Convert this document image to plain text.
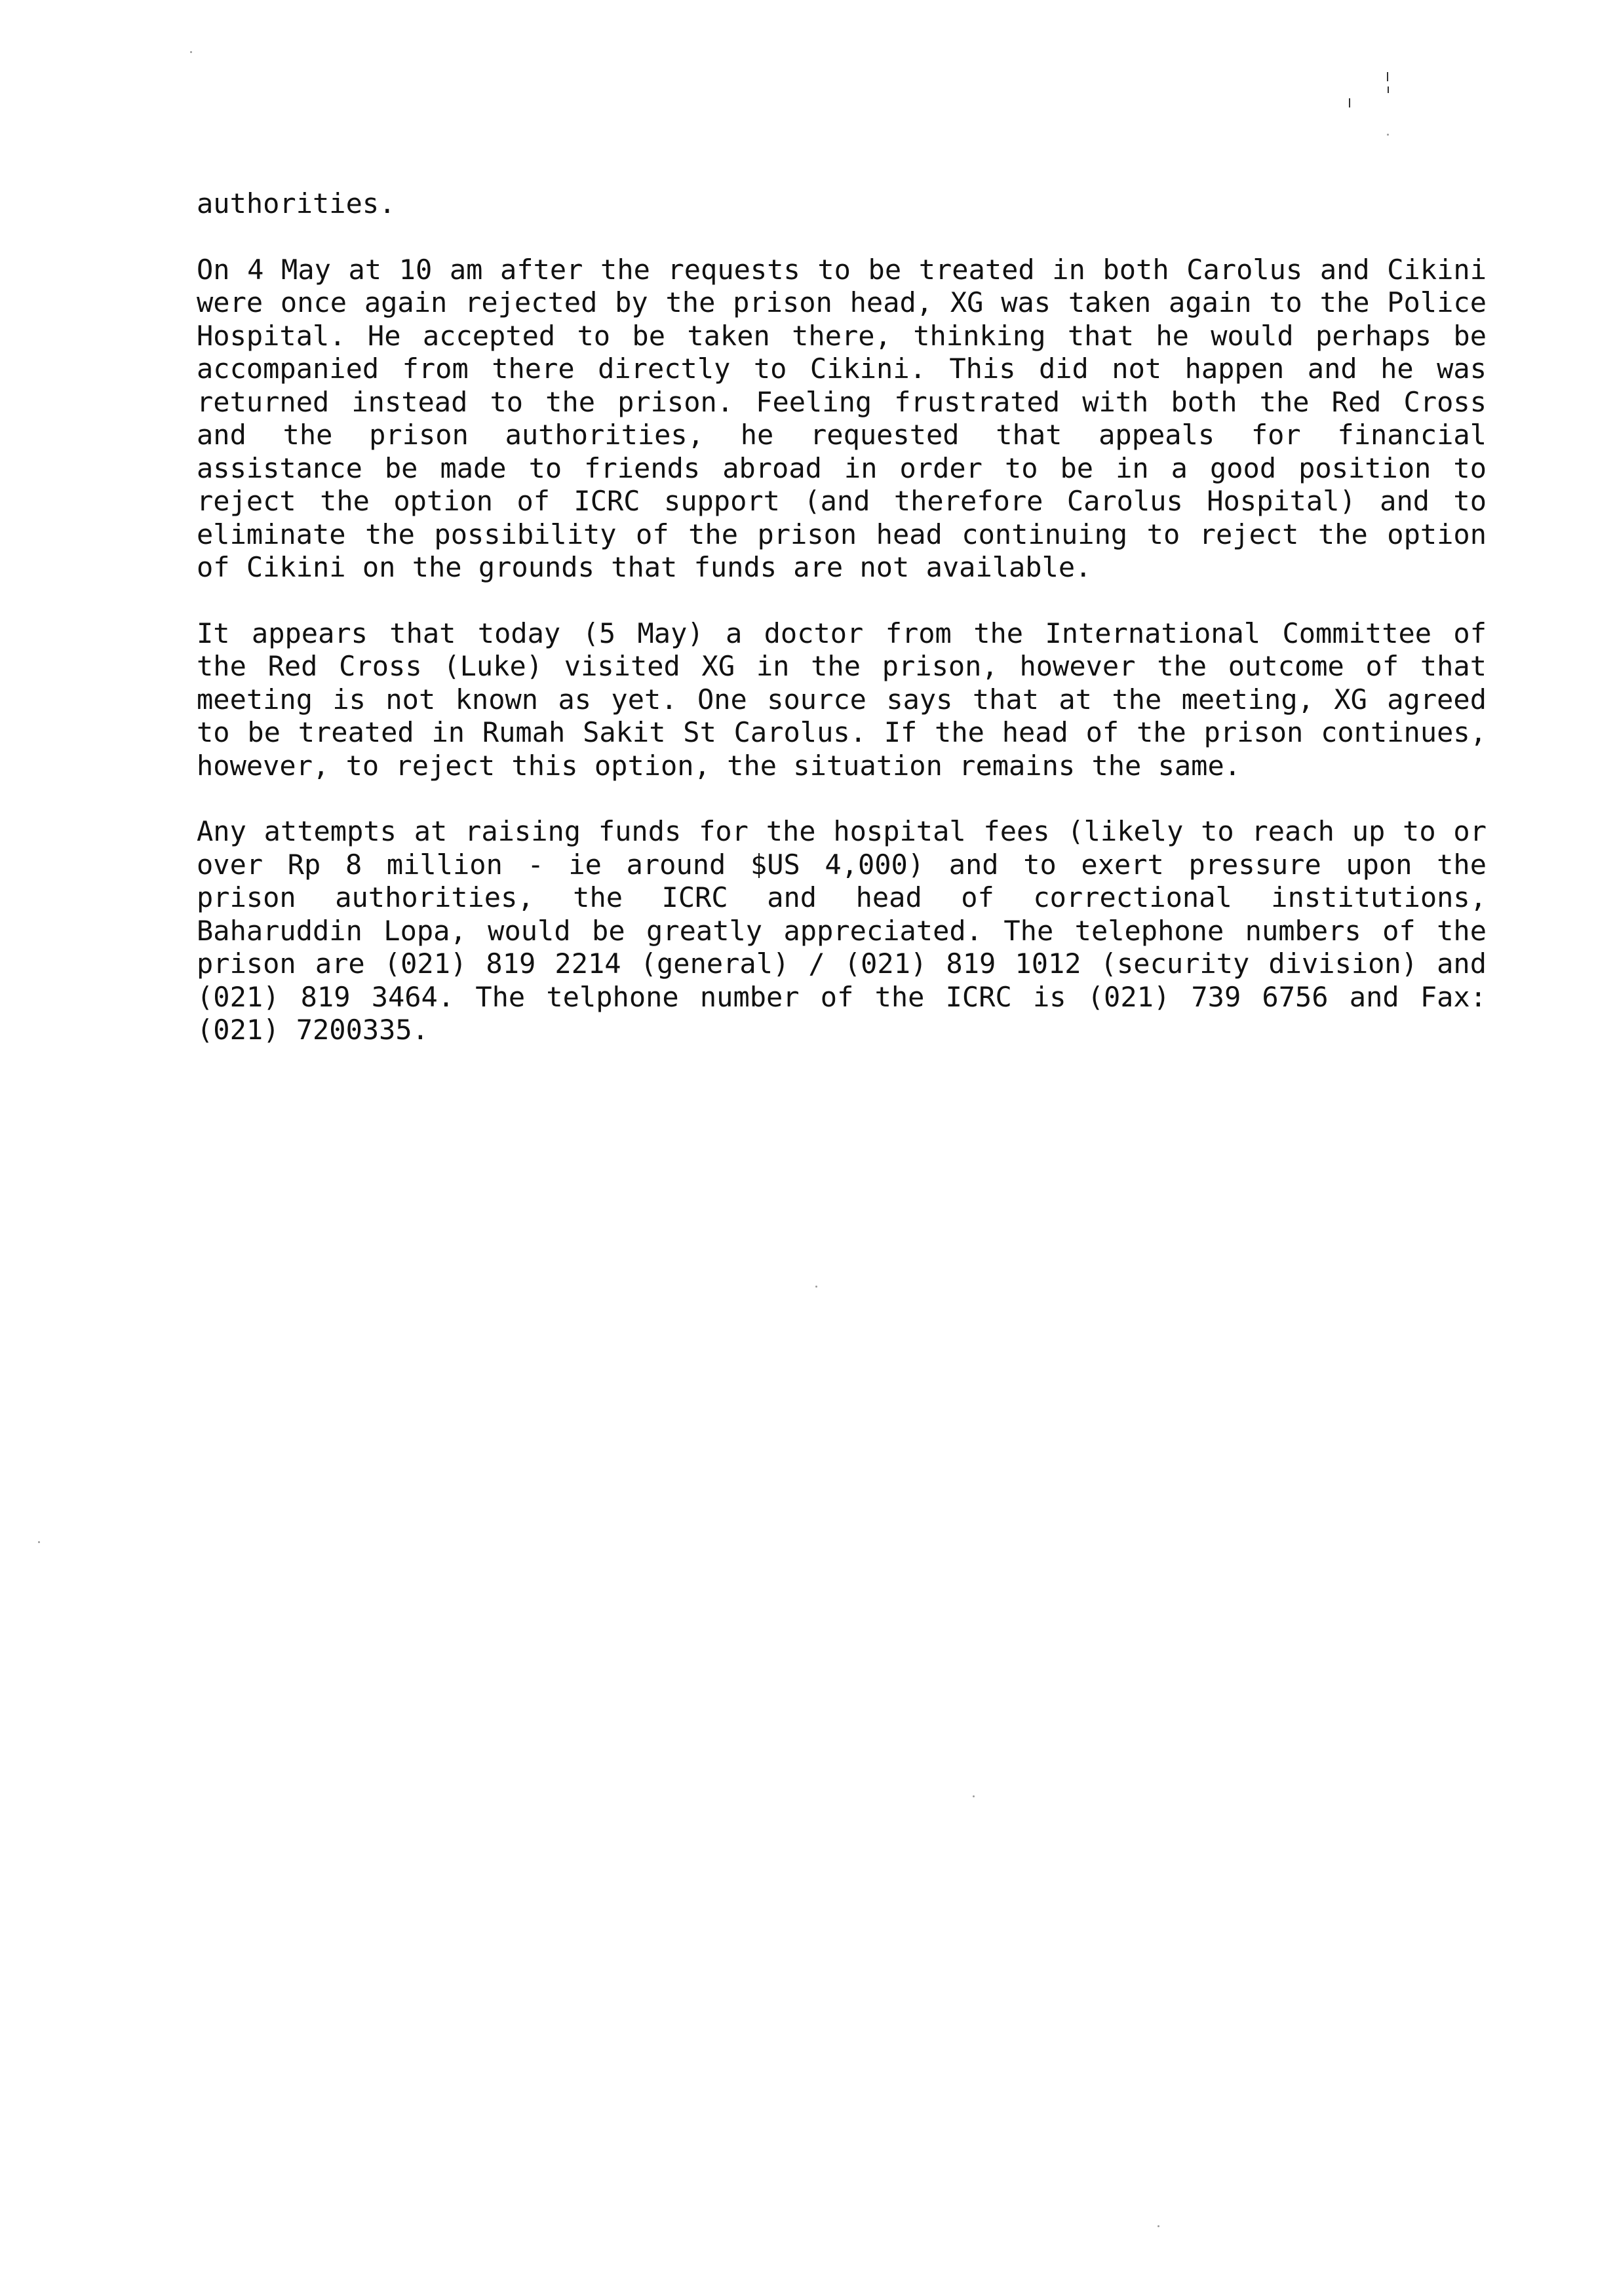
authorities.

On 4 May at 10 am after the requests to be treated in both Carolus and Cikini were once again rejected by the prison head, XG was taken again to the Police Hospital. He accepted to be taken there, thinking that he would perhaps be accompanied from there directly to Cikini. This did not happen and he was returned instead to the prison. Feeling frustrated with both the Red Cross and the prison authorities, he requested that appeals for financial assistance be made to friends abroad in order to be in a good position to reject the option of ICRC support (and therefore Carolus Hospital) and to eliminate the possibility of the prison head continuing to reject the option of Cikini on the grounds that funds are not available.

It appears that today (5 May) a doctor from the International Committee of the Red Cross (Luke) visited XG in the prison, however the outcome of that meeting is not known as yet. One source says that at the meeting, XG agreed to be treated in Rumah Sakit St Carolus. If the head of the prison continues, however, to reject this option, the situation remains the same.

Any attempts at raising funds for the hospital fees (likely to reach up to or over Rp 8 million - ie around $US 4,000) and to exert pressure upon the prison authorities, the ICRC and head of correctional institutions, Baharuddin Lopa, would be greatly appreciated. The telephone numbers of the prison are (021) 819 2214 (general) / (021) 819 1012 (security division) and (021) 819 3464. The telphone number of the ICRC is (021) 739 6756 and Fax: (021) 7200335.
